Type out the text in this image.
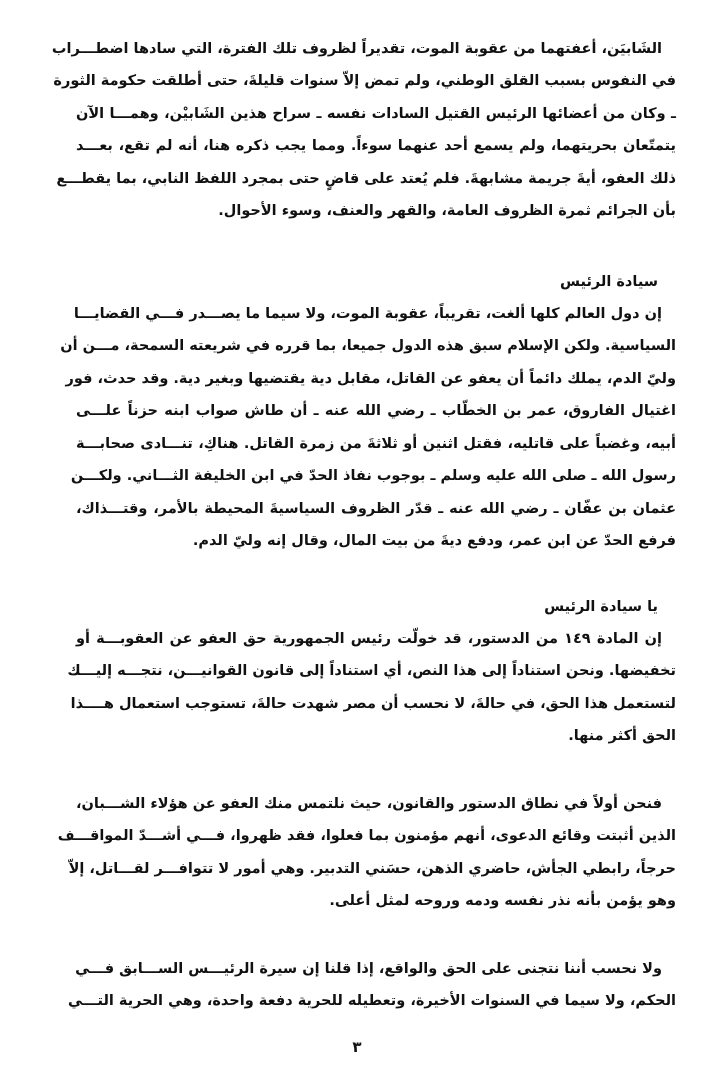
٣
الشَابيَن، أعفتهما من عقوبة الموت، تقديراً لظروف تلك الفترة، التي سادها اضطـــراب
في النفوس بسبب القلق الوطني، ولم تمض إلاّ سنوات قليلةَ، حتى أطلقت حكومة الثورة
ـ وكان من أعضائها الرئيس القتيل السادات نفسه ـ سراح هذين الشَابيْن، وهمـــا الآن
يتمتّعان بحريتهما، ولم يسمع أحد عنهما سوءاً. ومما يجب ذكره هنا، أنه لم تقع، بعـــد
ذلك العفو، أيةَ جريمة مشابهةَ. فلم يُعتد على قاضٍ حتى بمجرد اللفظ النابي، بما يقطـــع
بأن الجرائم ثمرة الظروف العامة، والقهر والعنف، وسوء الأحوال.
سيادة الرئيس
إن دول العالم كلها ألغت، تقريباً، عقوبة الموت، ولا سيما ما يصـــدر فـــي القضايـــا
السياسية. ولكن الإسلام سبق هذه الدول جميعا، بما قرره في شريعته السمحة، مـــن أن
وليّ الدم، يملك دائماً أن يعفو عن القاتل، مقابل دية يقتضيها وبغير دية. وقد حدث، فور
اغتيال الفاروق، عمر بن الخطّاب ـ رضي الله عنه ـ أن طاش صواب ابنه حزناً علـــى
أبيه، وغضباً على قاتليه، فقتل اثنين أو ثلاثةَ من زمرة القاتل. هناكِ، تنـــادى صحابـــة
رسول الله ـ صلى الله عليه وسلم ـ بوجوب نفاذ الحدّ في ابن الخليفة الثـــاني. ولكـــن
عثمان بن عفّان ـ رضي الله عنه ـ قدّر الظروف السياسيةَ المحيطة بالأمر، وقتـــذاك،
فرفع الحدّ عن ابن عمر، ودفع ديةَ من بيت المال، وقال إنه وليّ الدم.
يا سيادة الرئيس
إن المادة ١٤٩ من الدستور، قد خولّت رئيس الجمهورية حق العفو عن العقوبـــة أو
تخفيضها. ونحن استناداً إلى هذا النص، أي استناداً إلى قانون القوانيـــن، نتجـــه إليـــك
لتستعمل هذا الحق، في حالةَ، لا نحسب أن مصر شهدت حالةَ، تستوجب استعمال هــــذا
الحق أكثر منها.
فنحن أولاً في نطاق الدستور والقانون، حيث نلتمس منك العفو عن هؤلاء الشـــبان،
الذين أثبتت وقائع الدعوى، أنهم مؤمنون بما فعلوا، فقد ظهروا، فـــي أشـــدّ المواقـــف
حرجاً، رابطي الجأش، حاضري الذهن، حسَني التدبير. وهي أمور لا تتوافـــر لقـــاتل، إلاّ
وهو يؤمن بأنه نذر نفسه ودمه وروحه لمثل أعلى.
ولا نحسب أننا نتجنى على الحق والواقع، إذا قلنا إن سيرة الرئيـــس الســـابق فـــي
الحكم، ولا سيما في السنوات الأخيرة، وتعطيله للحرية دفعة واحدة، وهي الحرية التـــي
